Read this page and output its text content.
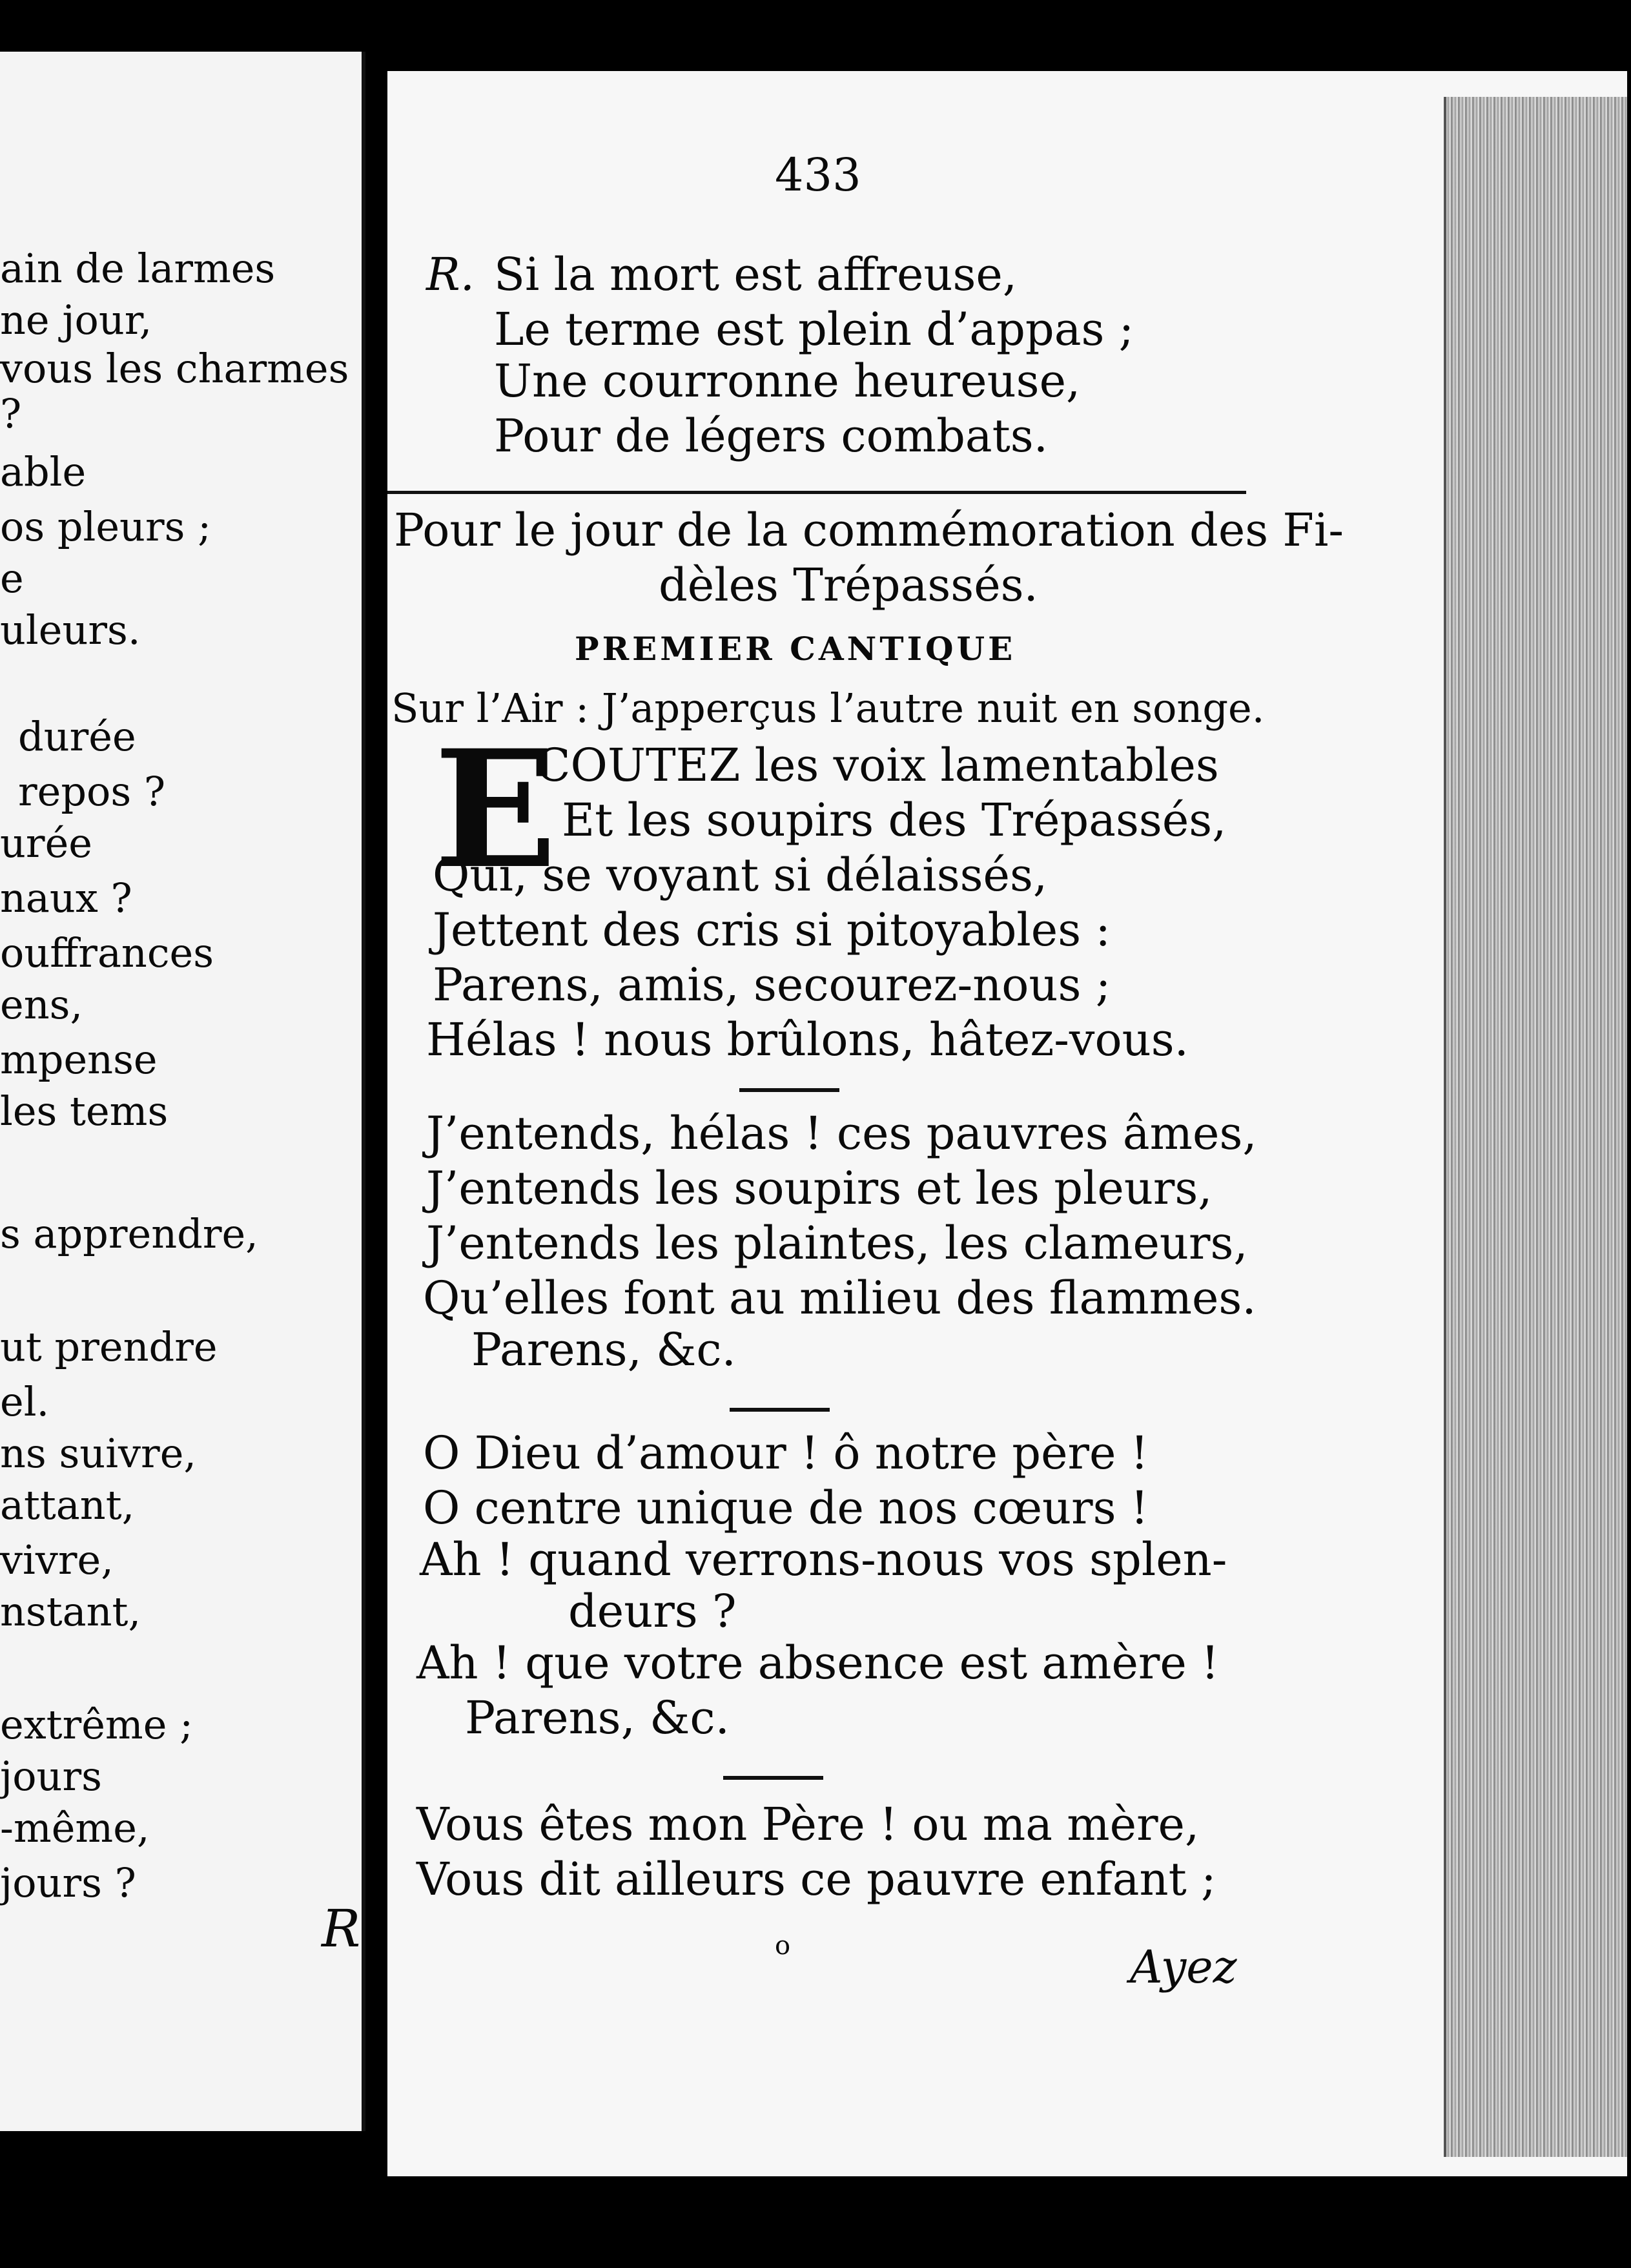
ain de larmes
ne jour,
vous les charmes
?
able
os pleurs ;
e
uleurs.
durée
repos ?
urée
naux ?
ouffrances
ens,
mpense
les tems
s apprendre,
ut prendre
el.
ns suivre,
attant,
vivre,
nstant,
extrême ;
jours
-même,
jours ?
R
433
R. Si la mort est affreuse,
Le terme est plein d’appas ;
Une courronne heureuse,
Pour de légers combats.
Pour le jour de la commémoration des Fi-
dèles Trépassés.
PREMIER CANTIQUE
Sur l’Air : J’apperçus l’autre nuit en songe.
E
COUTEZ les voix lamentables
Et les soupirs des Trépassés,
Qui, se voyant si délaissés,
Jettent des cris si pitoyables :
Parens, amis, secourez-nous ;
Hélas ! nous brûlons, hâtez-vous.
J’entends, hélas ! ces pauvres âmes,
J’entends les soupirs et les pleurs,
J’entends les plaintes, les clameurs,
Qu’elles font au milieu des flammes.
Parens, &c.
O Dieu d’amour ! ô notre père !
O centre unique de nos cœurs !
Ah ! quand verrons-nous vos splen-
deurs ?
Ah ! que votre absence est amère !
Parens, &c.
Vous êtes mon Père ! ou ma mère,
Vous dit ailleurs ce pauvre enfant ;
o	Ayez
